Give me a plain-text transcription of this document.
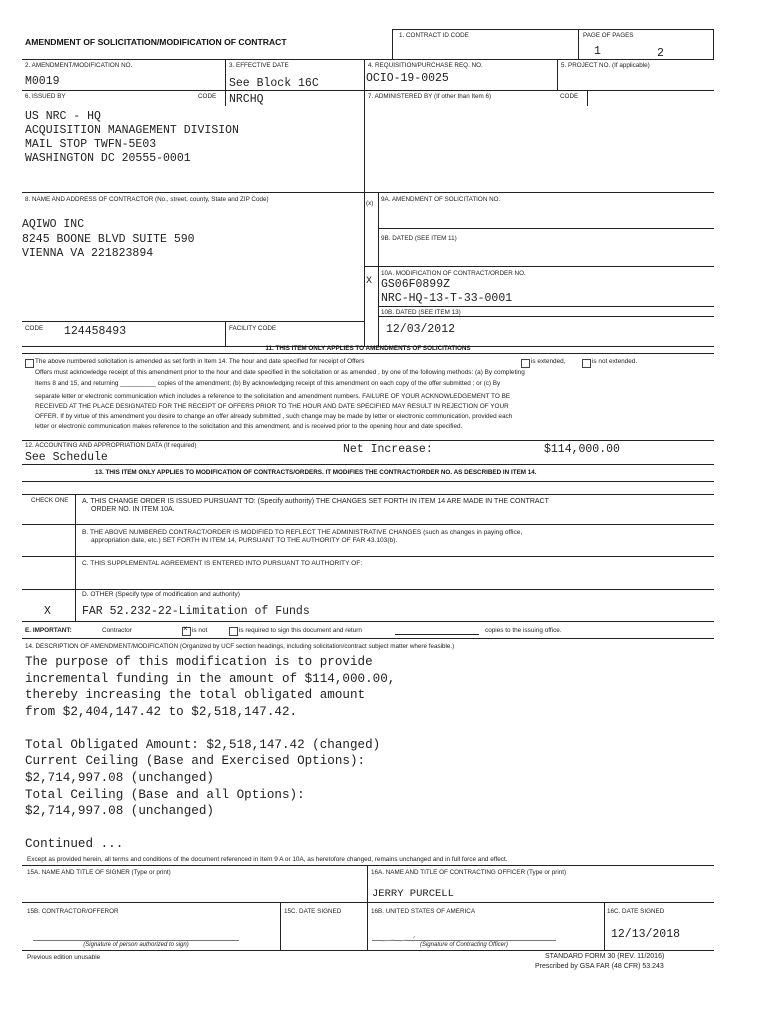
AMENDMENT OF SOLICITATION/MODIFICATION OF CONTRACT
1. CONTRACT ID CODE	PAGE OF PAGES
1	2
2. AMENDMENT/MODIFICATION NO.
M0019
3. EFFECTIVE DATE
See Block 16C
4. REQUISITION/PURCHASE REQ. NO.
OCIO-19-0025
5. PROJECT NO. (If applicable)
6. ISSUED BY	CODE NRCHQ	7. ADMINISTERED BY (If other than Item 6)	CODE
US NRC - HQ
ACQUISITION MANAGEMENT DIVISION
MAIL STOP TWFN-5E03
WASHINGTON DC 20555-0001
8. NAME AND ADDRESS OF CONTRACTOR (No., street, county, State and ZIP Code)
AQIWO INC
8245 BOONE BLVD SUITE 590
VIENNA VA 221823894
(x)
9A. AMENDMENT OF SOLICITATION NO.
9B. DATED (SEE ITEM 11)
10A. MODIFICATION OF CONTRACT/ORDER NO.
X GS06F0899Z
NRC-HQ-13-T-33-0001
10B. DATED (SEE ITEM 13)
12/03/2012
CODE 124458493	FACILITY CODE
11. THIS ITEM ONLY APPLIES TO AMENDMENTS OF SOLICITATIONS
The above numbered solicitation is amended as set forth in Item 14. The hour and date specified for receipt of Offers	is extended,	is not extended.
Offers must acknowledge receipt of this amendment prior to the hour and date specified in the solicitation or as amended , by one of the following methods: (a) By completing
Items 8 and 15, and returning __________ copies of the amendment; (b) By acknowledging receipt of this amendment on each copy of the offer submitted ; or (c) By
separate letter or electronic communication which includes a reference to the solicitation and amendment numbers. FAILURE OF YOUR ACKNOWLEDGEMENT TO BE
RECEIVED AT THE PLACE DESIGNATED FOR THE RECEIPT OF OFFERS PRIOR TO THE HOUR AND DATE SPECIFIED MAY RESULT IN REJECTION OF YOUR
OFFER. If by virtue of this amendment you desire to change an offer already submitted , such change may be made by letter or electronic communication, provided each
letter or electronic communication makes reference to the solicitation and this amendment, and is received prior to the opening hour and date specified.
12. ACCOUNTING AND APPROPRIATION DATA (If required)
See Schedule
Net Increase:	$114,000.00
13. THIS ITEM ONLY APPLIES TO MODIFICATION OF CONTRACTS/ORDERS. IT MODIFIES THE CONTRACT/ORDER NO. AS DESCRIBED IN ITEM 14.
CHECK ONE A. THIS CHANGE ORDER IS ISSUED PURSUANT TO: (Specify authority) THE CHANGES SET FORTH IN ITEM 14 ARE MADE IN THE CONTRACT
ORDER NO. IN ITEM 10A.
B. THE ABOVE NUMBERED CONTRACT/ORDER IS MODIFIED TO REFLECT THE ADMINISTRATIVE CHANGES (such as changes in paying office,
appropriation date, etc.) SET FORTH IN ITEM 14, PURSUANT TO THE AUTHORITY OF FAR 43.103(b).
C. THIS SUPPLEMENTAL AGREEMENT IS ENTERED INTO PURSUANT TO AUTHORITY OF:
D. OTHER (Specify type of modification and authority)
X	FAR 52.232-22-Limitation of Funds
E. IMPORTANT:	Contractor	× is not	is required to sign this document and return	copies to the issuing office.
14. DESCRIPTION OF AMENDMENT/MODIFICATION (Organized by UCF section headings, including solicitation/contract subject matter where feasible.)
The purpose of this modification is to provide
incremental funding in the amount of $114,000.00,
thereby increasing the total obligated amount
from $2,404,147.42 to $2,518,147.42.
Total Obligated Amount: $2,518,147.42 (changed)
Current Ceiling (Base and Exercised Options):
$2,714,997.08 (unchanged)
Total Ceiling (Base and all Options):
$2,714,997.08 (unchanged)
Continued ...
Except as provided herein, all terms and conditions of the document referenced in Item 9 A or 10A, as heretofore changed, remains unchanged and in full force and effect.
15A. NAME AND TITLE OF SIGNER (Type or print)	16A. NAME AND TITLE OF CONTRACTING OFFICER (Type or print)
JERRY PURCELL
15B. CONTRACTOR/OFFEROR	15C. DATE SIGNED	16B. UNITED STATES OF AMERICA	16C. DATE SIGNED
12/13/2018
(Signature of person authorized to sign)	(Signature of Contracting Officer)
Previous edition unusable	STANDARD FORM 30 (REV. 11/2016)
Prescribed by GSA FAR (48 CFR) 53.243
